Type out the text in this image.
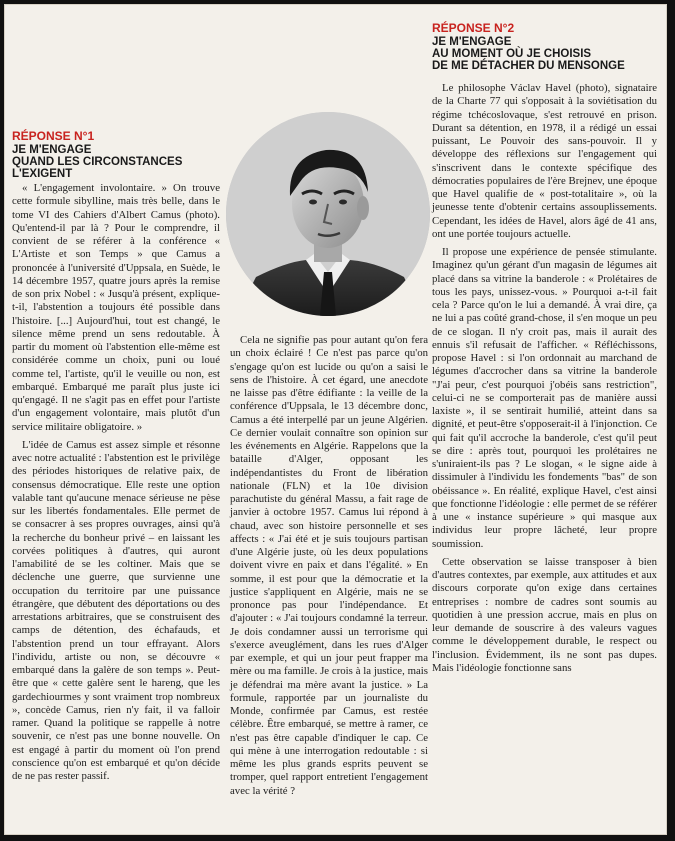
RÉPONSE N°2

JE M'ENGAGE

AU MOMENT OÙ JE CHOISIS

DE ME DÉTACHER DU MENSONGE

Le philosophe Václav Havel (photo), signataire de la Charte 77 qui s'opposait à la soviétisation du régime tchécoslovaque, s'est retrouvé en prison. Durant sa détention, en 1978, il a rédigé un essai puissant, Le Pouvoir des sans-pouvoir. Il y développe des réflexions sur l'engagement qui s'inscrivent dans le contexte spécifique des démocraties populaires de l'ère Brejnev, une époque que Havel qualifie de « post-totalitaire », où la jeunesse tente d'obtenir certains assouplissements. Cependant, les idées de Havel, alors âgé de 41 ans, ont une portée toujours actuelle.

Il propose une expérience de pensée stimulante. Imaginez qu'un gérant d'un magasin de légumes ait placé dans sa vitrine la banderole : « Prolétaires de tous les pays, unissez-vous. » Pourquoi a-t-il fait cela ? Parce qu'on le lui a demandé. À vrai dire, ça ne lui a pas coûté grand-chose, il s'en moque un peu de ce slogan. Il n'y croit pas, mais il aurait des ennuis s'il refusait de l'afficher. « Réfléchissons, propose Havel : si l'on ordonnait au marchand de légumes d'accrocher dans sa vitrine la banderole "J'ai peur, c'est pourquoi j'obéis sans restriction", celui-ci ne se comporterait pas de manière aussi laxiste », il se sentirait humilié, atteint dans sa dignité, et peut-être s'opposerait-il à l'injonction. Ce qui fait qu'il accroche la banderole, c'est qu'il peut se dire : après tout, pourquoi les prolétaires ne s'uniraient-ils pas ? Le slogan, « le signe aide à dissimuler à l'individu les fondements "bas" de son obéissance ». En réalité, explique Havel, c'est ainsi que fonctionne l'idéologie : elle permet de se référer à une « instance supérieure » qui masque aux individus leur propre lâcheté, leur propre soumission.

Cette observation se laisse transposer à bien d'autres contextes, par exemple, aux attitudes et aux discours corporate qu'on exige dans certaines entreprises : nombre de cadres sont soumis au quotidien à une pression accrue, mais en plus on leur demande de souscrire à des valeurs vagues comme le développement durable, le respect ou l'inclusion. Évidemment, ils ne sont pas dupes. Mais l'idéologie fonctionne sans

RÉPONSE N°1

JE M'ENGAGE

QUAND LES CIRCONSTANCES

L'EXIGENT

« L'engagement involontaire. » On trouve cette formule sibylline, mais très belle, dans le tome VI des Cahiers d'Albert Camus (photo). Qu'entend-il par là ? Pour le comprendre, il convient de se référer à la conférence « L'Artiste et son Temps » que Camus a prononcée à l'université d'Uppsala, en Suède, le 14 décembre 1957, quatre jours après la remise de son prix Nobel : « Jusqu'à présent, explique-t-il, l'abstention a toujours été possible dans l'histoire. [...] Aujourd'hui, tout est changé, le silence même prend un sens redoutable. À partir du moment où l'abstention elle-même est considérée comme un choix, puni ou loué comme tel, l'artiste, qu'il le veuille ou non, est embarqué. Embarqué me paraît plus juste ici qu'engagé. Il ne s'agit pas en effet pour l'artiste d'un engagement volontaire, mais plutôt d'un service militaire obligatoire. »

L'idée de Camus est assez simple et résonne avec notre actualité : l'abstention est le privilège des périodes historiques de relative paix, de consensus démocratique. Elle reste une option valable tant qu'aucune menace sérieuse ne pèse sur les libertés fondamentales. Elle permet de se consacrer à ses propres ouvrages, ainsi qu'à la recherche du bonheur privé – en laissant les corvées politiques à d'autres, qui auront l'amabilité de se les coltiner. Mais que se déclenche une guerre, que survienne une occupation du territoire par une puissance étrangère, que débutent des déportations ou des arrestations arbitraires, que se construisent des camps de détention, des échafauds, et l'abstention prend un tour effrayant. Alors l'individu, artiste ou non, se découvre « embarqué dans la galère de son temps ». Peut-être que « cette galère sent le hareng, que les gardechiourmes y sont vraiment trop nombreux », concède Camus, rien n'y fait, il va falloir ramer. Quand la politique se rappelle à notre souvenir, ce n'est pas une bonne nouvelle. On est engagé à partir du moment où l'on prend conscience qu'on est embarqué et qu'on décide de ne pas rester passif.

Cela ne signifie pas pour autant qu'on fera un choix éclairé ! Ce n'est pas parce qu'on s'engage qu'on est lucide ou qu'on a saisi le sens de l'histoire. À cet égard, une anecdote ne laisse pas d'être édifiante : la veille de la conférence d'Uppsala, le 13 décembre donc, Camus a été interpellé par un jeune Algérien. Ce dernier voulait connaître son opinion sur les événements en Algérie. Rappelons que la bataille d'Alger, opposant les indépendantistes du Front de libération nationale (FLN) et la 10e division parachutiste du général Massu, a fait rage de janvier à octobre 1957. Camus lui répond à chaud, avec son histoire personnelle et ses affects : « J'ai été et je suis toujours partisan d'une Algérie juste, où les deux populations doivent vivre en paix et dans l'égalité. » En somme, il est pour que la démocratie et la justice s'appliquent en Algérie, mais ne se prononce pas pour l'indépendance. Et d'ajouter : « J'ai toujours condamné la terreur. Je dois condamner aussi un terrorisme qui s'exerce aveuglément, dans les rues d'Alger par exemple, et qui un jour peut frapper ma mère ou ma famille. Je crois à la justice, mais je défendrai ma mère avant la justice. » La formule, rapportée par un journaliste du Monde, confirmée par Camus, est restée célèbre. Être embarqué, se mettre à ramer, ce n'est pas être capable d'indiquer le cap. Ce qui mène à une interrogation redoutable : si même les plus grands esprits peuvent se tromper, quel rapport entretient l'engagement avec la vérité ?
